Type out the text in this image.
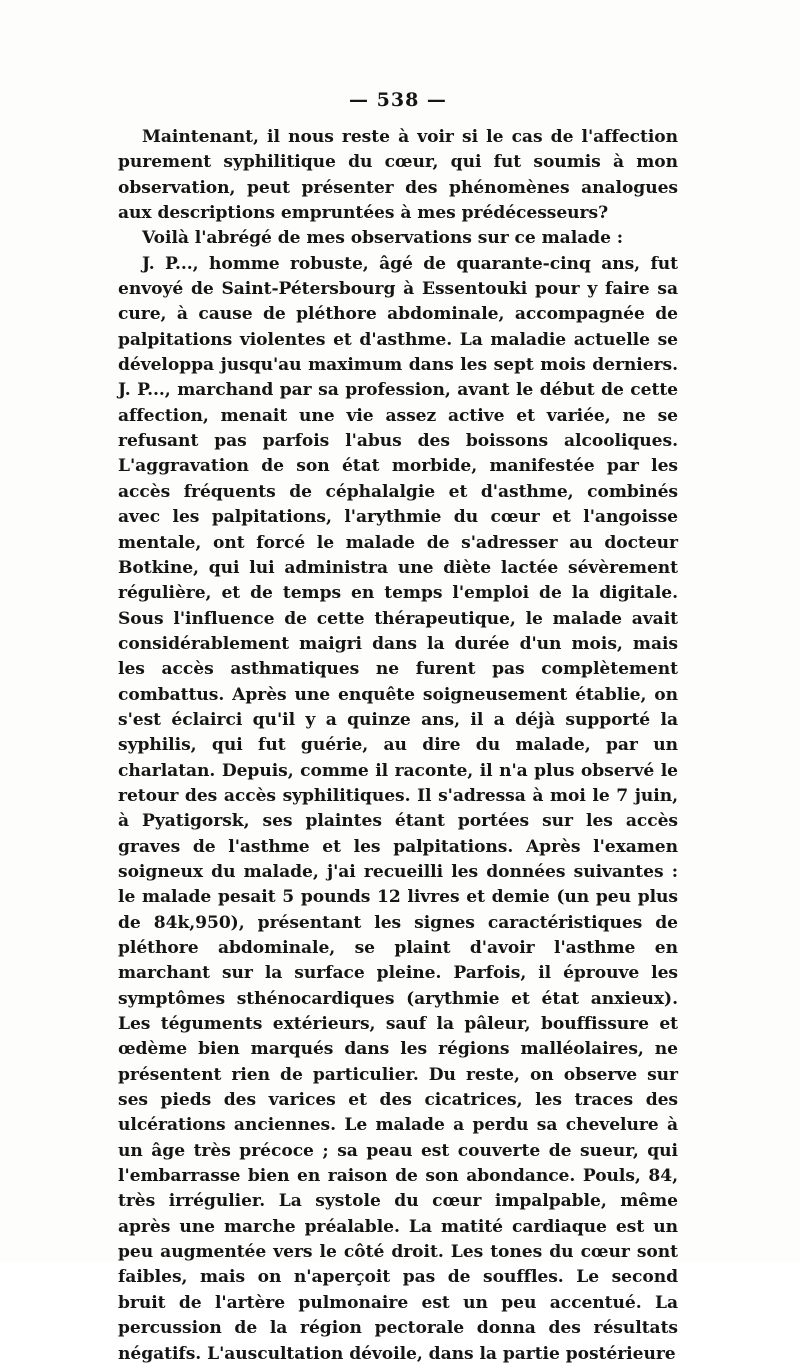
— 538 —

Maintenant, il nous reste à voir si le cas de l'affection purement syphilitique du cœur, qui fut soumis à mon observation, peut présenter des phénomènes analogues aux descriptions empruntées à mes prédécesseurs?

Voilà l'abrégé de mes observations sur ce malade :

J. P..., homme robuste, âgé de quarante-cinq ans, fut envoyé de Saint-Pétersbourg à Essentouki pour y faire sa cure, à cause de pléthore abdominale, accompagnée de palpitations violentes et d'asthme. La maladie actuelle se développa jusqu'au maximum dans les sept mois derniers. J. P..., marchand par sa profession, avant le début de cette affection, menait une vie assez active et variée, ne se refusant pas parfois l'abus des boissons alcooliques. L'aggravation de son état morbide, manifestée par les accès fréquents de céphalalgie et d'asthme, combinés avec les palpitations, l'arythmie du cœur et l'angoisse mentale, ont forcé le malade de s'adresser au docteur Botkine, qui lui administra une diète lactée sévèrement régulière, et de temps en temps l'emploi de la digitale. Sous l'influence de cette thérapeutique, le malade avait considérablement maigri dans la durée d'un mois, mais les accès asthmatiques ne furent pas complètement combattus. Après une enquête soigneusement établie, on s'est éclairci qu'il y a quinze ans, il a déjà supporté la syphilis, qui fut guérie, au dire du malade, par un charlatan. Depuis, comme il raconte, il n'a plus observé le retour des accès syphilitiques. Il s'adressa à moi le 7 juin, à Pyatigorsk, ses plaintes étant portées sur les accès graves de l'asthme et les palpitations. Après l'examen soigneux du malade, j'ai recueilli les données suivantes : le malade pesait 5 pounds 12 livres et demie (un peu plus de 84k,950), présentant les signes caractéristiques de pléthore abdominale, se plaint d'avoir l'asthme en marchant sur la surface pleine. Parfois, il éprouve les symptômes sthénocardiques (arythmie et état anxieux). Les téguments extérieurs, sauf la pâleur, bouffissure et œdème bien marqués dans les régions malléolaires, ne présentent rien de particulier. Du reste, on observe sur ses pieds des varices et des cicatrices, les traces des ulcérations anciennes. Le malade a perdu sa chevelure à un âge très précoce ; sa peau est couverte de sueur, qui l'embarrasse bien en raison de son abondance. Pouls, 84, très irrégulier. La systole du cœur impalpable, même après une marche préalable. La matité cardiaque est un peu augmentée vers le côté droit. Les tones du cœur sont faibles, mais on n'aperçoit pas de souffles. Le second bruit de l'artère pulmonaire est un peu accentué. La percussion de la région pectorale donna des résultats négatifs. L'auscultation dévoile, dans la partie postérieure
